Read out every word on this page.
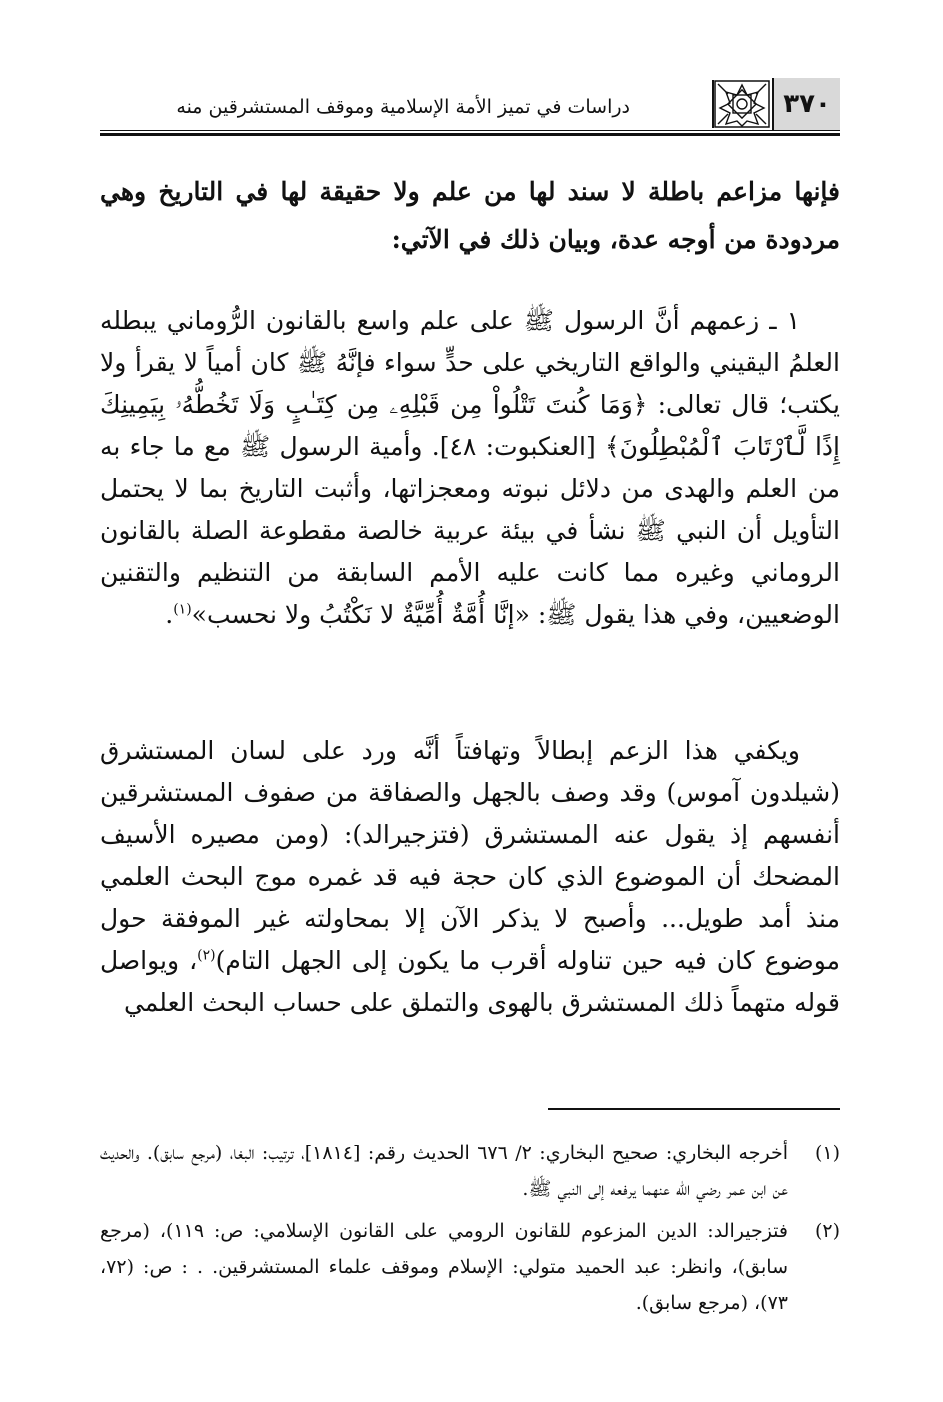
٣٧٠
دراسات في تميز الأمة الإسلامية وموقف المستشرقين منه
فإنها مزاعم باطلة لا سند لها من علم ولا حقيقة لها في التاريخ وهي مردودة من أوجه عدة، وبيان ذلك في الآتي:
١ ـ زعمهم أنَّ الرسول ﷺ على علم واسع بالقانون الرُّوماني يبطله العلمُ اليقيني والواقع التاريخي على حدٍّ سواء فإنَّهُ ﷺ كان أمياً لا يقرأ ولا يكتب؛ قال تعالى: ﴿وَمَا كُنتَ تَتْلُواْ مِن قَبْلِهِۦ مِن كِتَـٰبٍ وَلَا تَخُطُّهُۥ بِيَمِينِكَ إِذًا لَّٱرْتَابَ ٱلْمُبْطِلُونَ﴾ [العنكبوت: ٤٨]. وأمية الرسول ﷺ مع ما جاء به من العلم والهدى من دلائل نبوته ومعجزاتها، وأثبت التاريخ بما لا يحتمل التأويل أن النبي ﷺ نشأ في بيئة عربية خالصة مقطوعة الصلة بالقانون الروماني وغيره مما كانت عليه الأمم السابقة من التنظيم والتقنين الوضعيين، وفي هذا يقول ﷺ: «إنَّا أُمَّةٌ أُمِّيَّةٌ لا نَكْتُبُ ولا نحسب»$^{(١)}$.
ويكفي هذا الزعم إبطالاً وتهافتاً أنَّه ورد على لسان المستشرق (شيلدون آموس) وقد وصف بالجهل والصفاقة من صفوف المستشرقين أنفسهم إذ يقول عنه المستشرق (فتزجيرالد): (ومن مصيره الأسيف المضحك أن الموضوع الذي كان حجة فيه قد غمره موج البحث العلمي منذ أمد طويل... وأصبح لا يذكر الآن إلا بمحاولته غير الموفقة حول موضوع كان فيه حين تناوله أقرب ما يكون إلى الجهل التام)$^{(٢)}$، ويواصل قوله متهماً ذلك المستشرق بالهوى والتملق على حساب البحث العلمي
(١)
أخرجه البخاري: صحيح البخاري: ٢/ ٦٧٦ الحديث رقم: [١٨١٤]، ترتيب: البغا، (مرجع سابق). والحديث عن ابن عمر رضي الله عنهما يرفعه إلى النبي ﷺ.
(٢)
فتزجيرالد: الدين المزعوم للقانون الرومي على القانون الإسلامي: ص: ١١٩)، (مرجع سابق)، وانظر: عبد الحميد متولي: الإسلام وموقف علماء المستشرقين. . : ص: (٧٢، ٧٣)، (مرجع سابق).
